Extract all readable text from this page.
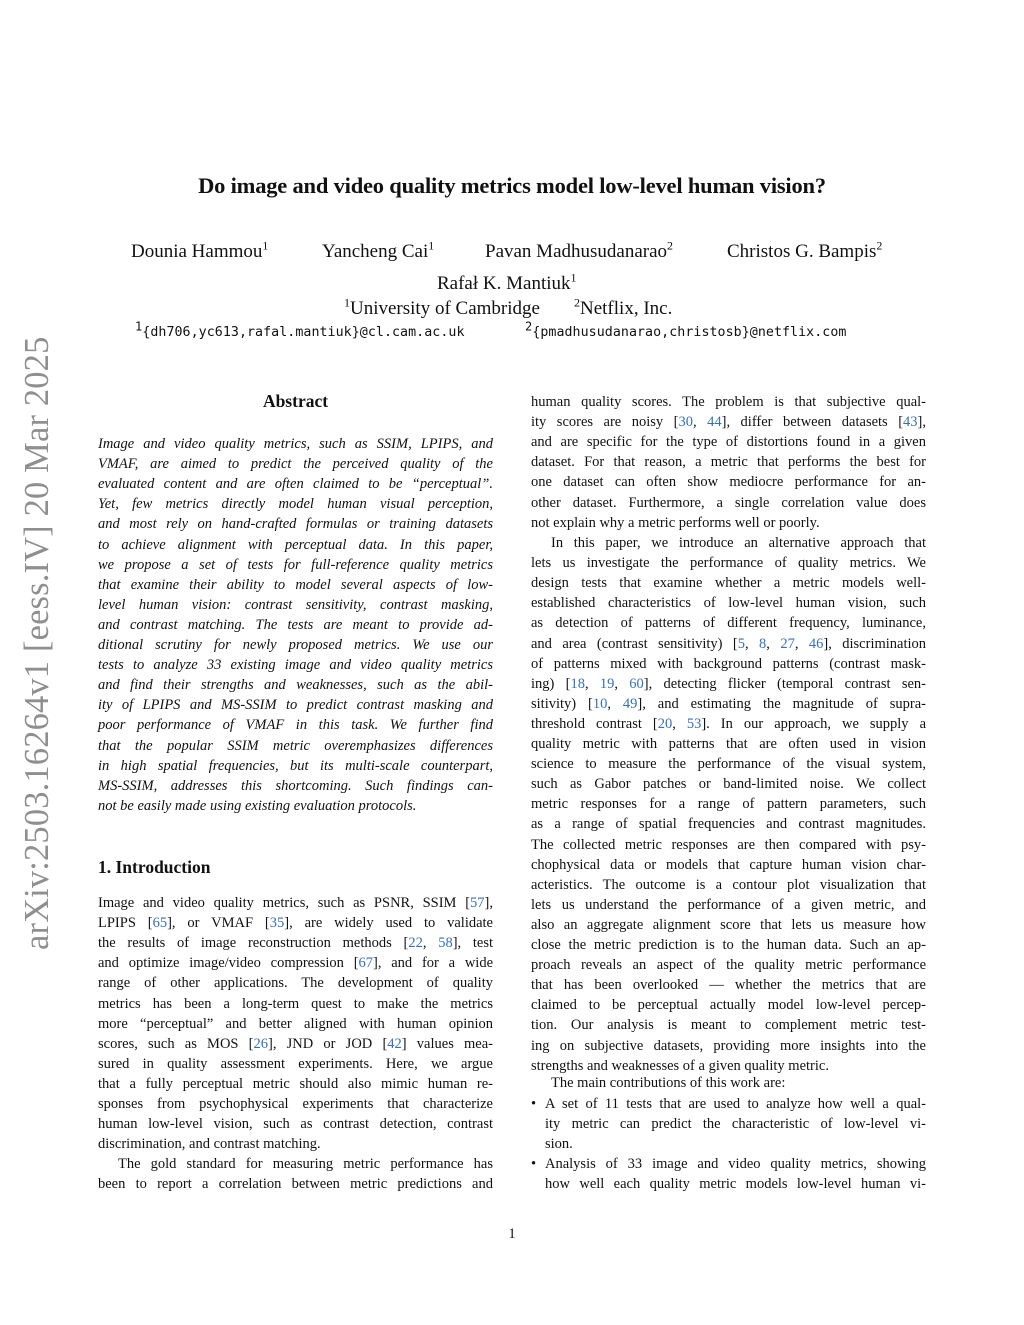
arXiv:2503.16264v1 [eess.IV] 20 Mar 2025
Do image and video quality metrics model low-level human vision?
Dounia Hammou$^1$	Yancheng Cai$^1$	Pavan Madhusudanarao$^2$	Christos G. Bampis$^2$
Rafał K. Mantiuk$^1$
$^1$University of Cambridge	$^2$Netflix, Inc.
$^1${dh706,yc613,rafal.mantiuk}@cl.cam.ac.uk	$^2${pmadhusudanarao,christosb}@netflix.com
Abstract
Image and video quality metrics, such as SSIM, LPIPS, and
VMAF, are aimed to predict the perceived quality of the
evaluated content and are often claimed to be “perceptual”.
Yet, few metrics directly model human visual perception,
and most rely on hand-crafted formulas or training datasets
to achieve alignment with perceptual data. In this paper,
we propose a set of tests for full-reference quality metrics
that examine their ability to model several aspects of low-
level human vision: contrast sensitivity, contrast masking,
and contrast matching. The tests are meant to provide ad-
ditional scrutiny for newly proposed metrics. We use our
tests to analyze 33 existing image and video quality metrics
and find their strengths and weaknesses, such as the abil-
ity of LPIPS and MS-SSIM to predict contrast masking and
poor performance of VMAF in this task. We further find
that the popular SSIM metric overemphasizes differences
in high spatial frequencies, but its multi-scale counterpart,
MS-SSIM, addresses this shortcoming. Such findings can-
not be easily made using existing evaluation protocols.
1. Introduction
Image and video quality metrics, such as PSNR, SSIM [57],
LPIPS [65], or VMAF [35], are widely used to validate
the results of image reconstruction methods [22, 58], test
and optimize image/video compression [67], and for a wide
range of other applications. The development of quality
metrics has been a long-term quest to make the metrics
more “perceptual” and better aligned with human opinion
scores, such as MOS [26], JND or JOD [42] values mea-
sured in quality assessment experiments. Here, we argue
that a fully perceptual metric should also mimic human re-
sponses from psychophysical experiments that characterize
human low-level vision, such as contrast detection, contrast
discrimination, and contrast matching.
The gold standard for measuring metric performance has
been to report a correlation between metric predictions and
human quality scores. The problem is that subjective qual-
ity scores are noisy [30, 44], differ between datasets [43],
and are specific for the type of distortions found in a given
dataset. For that reason, a metric that performs the best for
one dataset can often show mediocre performance for an-
other dataset. Furthermore, a single correlation value does
not explain why a metric performs well or poorly.
In this paper, we introduce an alternative approach that
lets us investigate the performance of quality metrics. We
design tests that examine whether a metric models well-
established characteristics of low-level human vision, such
as detection of patterns of different frequency, luminance,
and area (contrast sensitivity) [5, 8, 27, 46], discrimination
of patterns mixed with background patterns (contrast mask-
ing) [18, 19, 60], detecting flicker (temporal contrast sen-
sitivity) [10, 49], and estimating the magnitude of supra-
threshold contrast [20, 53]. In our approach, we supply a
quality metric with patterns that are often used in vision
science to measure the performance of the visual system,
such as Gabor patches or band-limited noise. We collect
metric responses for a range of pattern parameters, such
as a range of spatial frequencies and contrast magnitudes.
The collected metric responses are then compared with psy-
chophysical data or models that capture human vision char-
acteristics. The outcome is a contour plot visualization that
lets us understand the performance of a given metric, and
also an aggregate alignment score that lets us measure how
close the metric prediction is to the human data. Such an ap-
proach reveals an aspect of the quality metric performance
that has been overlooked — whether the metrics that are
claimed to be perceptual actually model low-level percep-
tion. Our analysis is meant to complement metric test-
ing on subjective datasets, providing more insights into the
strengths and weaknesses of a given quality metric.
The main contributions of this work are:
• A set of 11 tests that are used to analyze how well a qual-
ity metric can predict the characteristic of low-level vi-
sion.
• Analysis of 33 image and video quality metrics, showing
how well each quality metric models low-level human vi-
1
